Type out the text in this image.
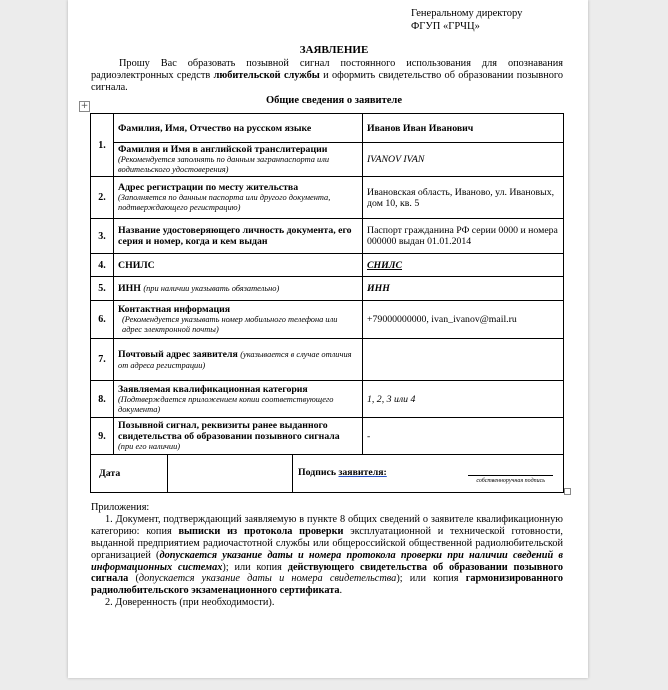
Генеральному директору
ФГУП «ГРЧЦ»
ЗАЯВЛЕНИЕ
Прошу Вас образовать позывной сигнал постоянного использования для опознавания радиоэлектронных средств любительской службы и оформить свидетельство об образовании позывного сигнала.
Общие сведения о заявителе
+
1.	Фамилия, Имя, Отчество на русском языке	Иванов Иван Иванович

	Фамилия и Имя в английской транслитерации
(Рекомендуется заполнять по данным загранпаспорта или водительского удостоверения)	IVANOV IVAN
2.	Адрес регистрации по месту жительства
(Заполняется по данным паспорта или другого документа, подтверждающего регистрацию)	Ивановская область, Иваново, ул. Ивановых, дом 10, кв. 5
3.	Название удостоверяющего личность документа, его серия и номер, когда и кем выдан	Паспорт гражданина РФ серии 0000 и номера 000000 выдан 01.01.2014
4.	СНИЛС	СНИЛС
5.	ИНН (при наличии указывать обязательно)	ИНН
6.	Контактная информация
(Рекомендуется указывать номер мобильного телефона или адрес электронной почты)	+79000000000, ivan_ivanov@mail.ru
7.	Почтовый адрес заявителя (указывается в случае отличия от адреса регистрации)	
8.	Заявляемая квалификационная категория
(Подтверждается приложением копии соответствующего документа)	1, 2, 3 или 4
9.	Позывной сигнал, реквизиты ранее выданного свидетельства об образовании позывного сигнала
(при его наличии)	-

Дата Подпись заявителя:
собственноручная подпись		

Приложения:

1. Документ, подтверждающий заявляемую в пункте 8 общих сведений о заявителе квалификационную категорию: копия выписки из протокола проверки эксплуатационной и технической готовности, выданной предприятием радиочастотной службы или общероссийской общественной радиолюбительской организацией (допускается указание даты и номера протокола проверки при наличии сведений в информационных системах); или копия действующего свидетельства об образовании позывного сигнала (допускается указание даты и номера свидетельства); или копия гармонизированного радиолюбительского экзаменационного сертификата.

2. Доверенность (при необходимости).
